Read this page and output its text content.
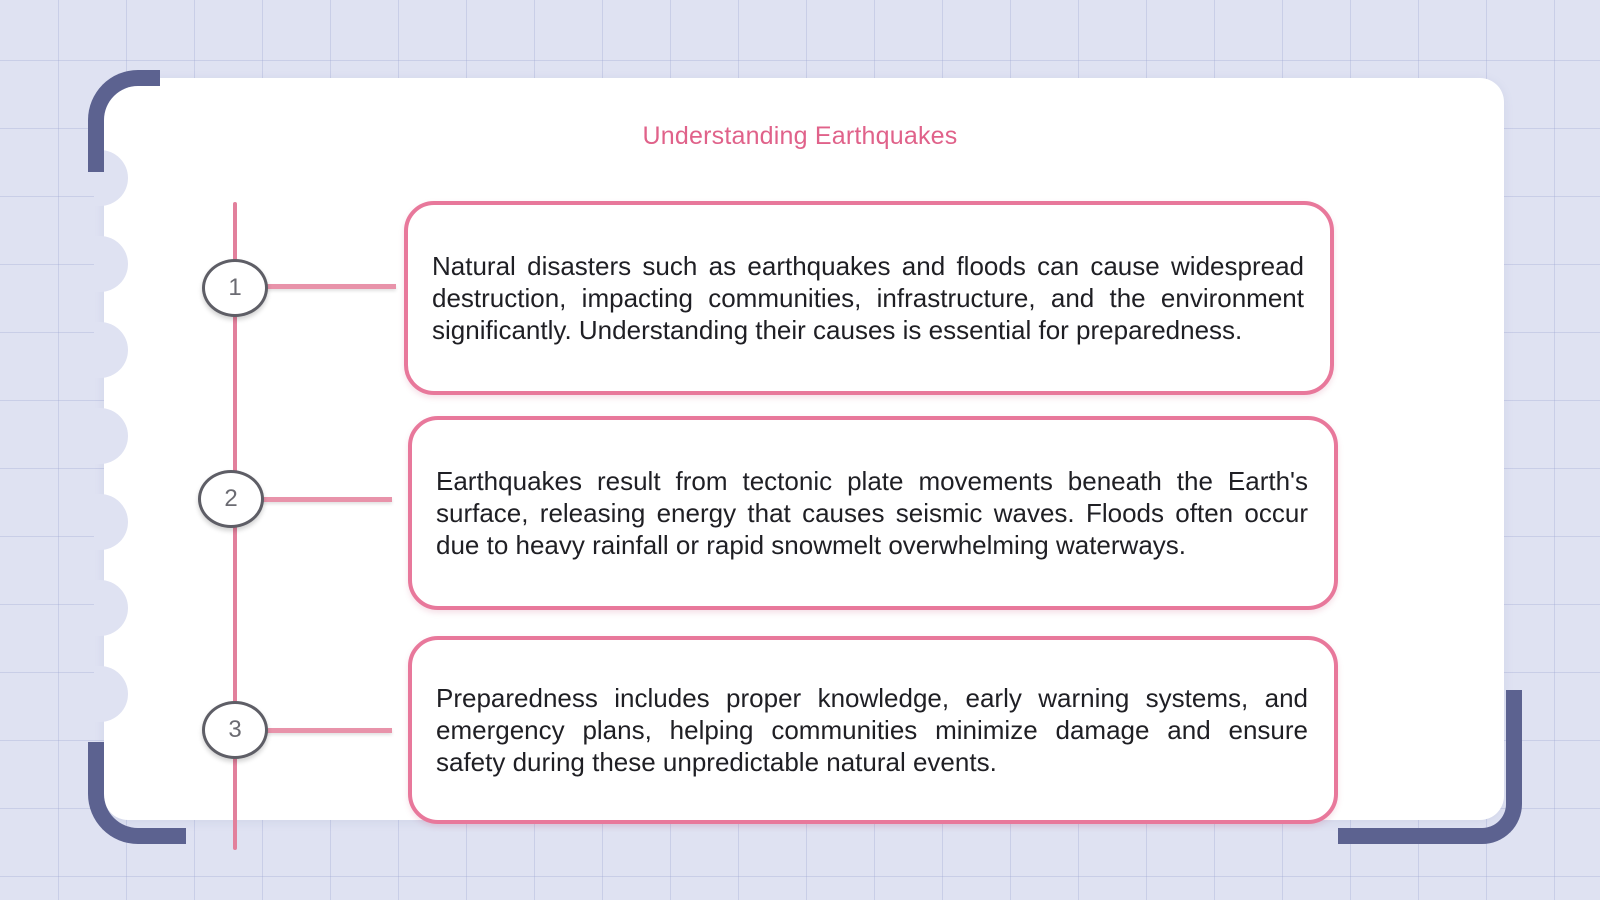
Understanding Earthquakes
1
2
3

Natural disasters such as earthquakes and floods can cause widespread destruction, impacting communities, infrastructure, and the environment significantly. Understanding their causes is essential for preparedness.

Earthquakes result from tectonic plate movements beneath the Earth's surface, releasing energy that causes seismic waves. Floods often occur due to heavy rainfall or rapid snowmelt overwhelming waterways.

Preparedness includes proper knowledge, early warning systems, and emergency plans, helping communities minimize damage and ensure safety during these unpredictable natural events.
